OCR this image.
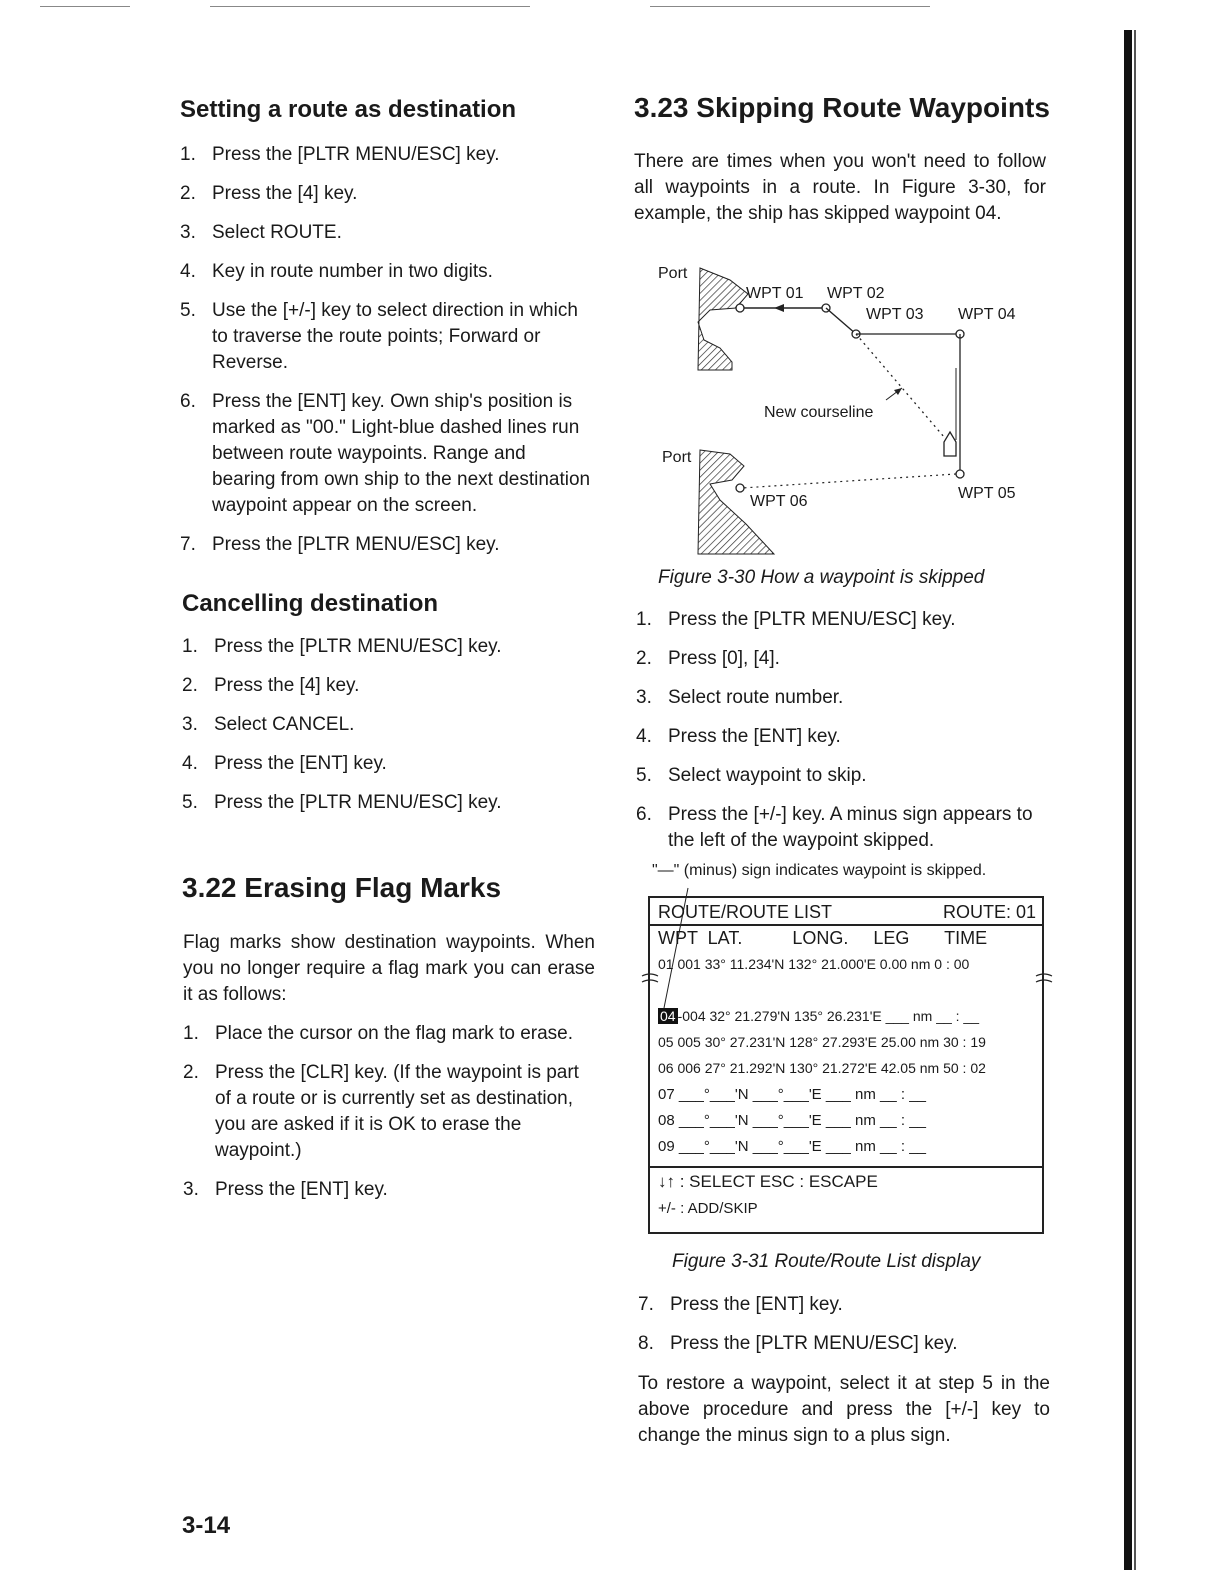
Setting a route as destination
1. Press the [PLTR MENU/ESC] key.
2. Press the [4] key.
3. Select ROUTE.
4. Key in route number in two digits.
5. Use the [+/-] key to select direction in which to traverse the route points; Forward or Reverse.
6. Press the [ENT] key. Own ship's position is marked as "00." Light-blue dashed lines run between route waypoints. Range and bearing from own ship to the next destination waypoint appear on the screen.
7. Press the [PLTR MENU/ESC] key.
Cancelling destination
1. Press the [PLTR MENU/ESC] key.
2. Press the [4] key.
3. Select CANCEL.
4. Press the [ENT] key.
5. Press the [PLTR MENU/ESC] key.
3.22 Erasing Flag Marks

Flag marks show destination waypoints. When you no longer require a flag mark you can erase it as follows:

1. Place the cursor on the flag mark to erase.
2. Press the [CLR] key. (If the waypoint is part of a route or is currently set as destination, you are asked if it is OK to erase the waypoint.)
3. Press the [ENT] key.
3-14
3.23 Skipping Route Waypoints

There are times when you won't need to follow all waypoints in a route. In Figure 3-30, for example, the ship has skipped waypoint 04.

Port
WPT 01 WPT 02
WPT 03 WPT 04
New courseline
Port
WPT 05
WPT 06

Figure 3-30 How a waypoint is skipped

1. Press the [PLTR MENU/ESC] key.
2. Press [0], [4].
3. Select route number.
4. Press the [ENT] key.
5. Select waypoint to skip.
6. Press the [+/-] key. A minus sign appears to the left of the waypoint skipped.
"—" (minus) sign indicates waypoint is skipped.
ROUTE/ROUTE LIST	ROUTE: 01
WPT  LAT.          LONG.     LEG       TIME
01 001 33° 11.234'N 132° 21.000'E 0.00 nm 0 : 00
04 -004 32° 21.279'N 135° 26.231'E ___ nm __ : __
05 005 30° 27.231'N 128° 27.293'E 25.00 nm 30 : 19
06 006 27° 21.292'N 130° 21.272'E 42.05 nm 50 : 02
07 ___°___'N ___°___'E ___ nm __ : __
08 ___°___'N ___°___'E ___ nm __ : __
09 ___°___'N ___°___'E ___ nm __ : __
↓↑ : SELECT ESC : ESCAPE
+/- : ADD/SKIP

Figure 3-31 Route/Route List display

7. Press the [ENT] key.
8. Press the [PLTR MENU/ESC] key.

To restore a waypoint, select it at step 5 in the above procedure and press the [+/-] key to change the minus sign to a plus sign.
